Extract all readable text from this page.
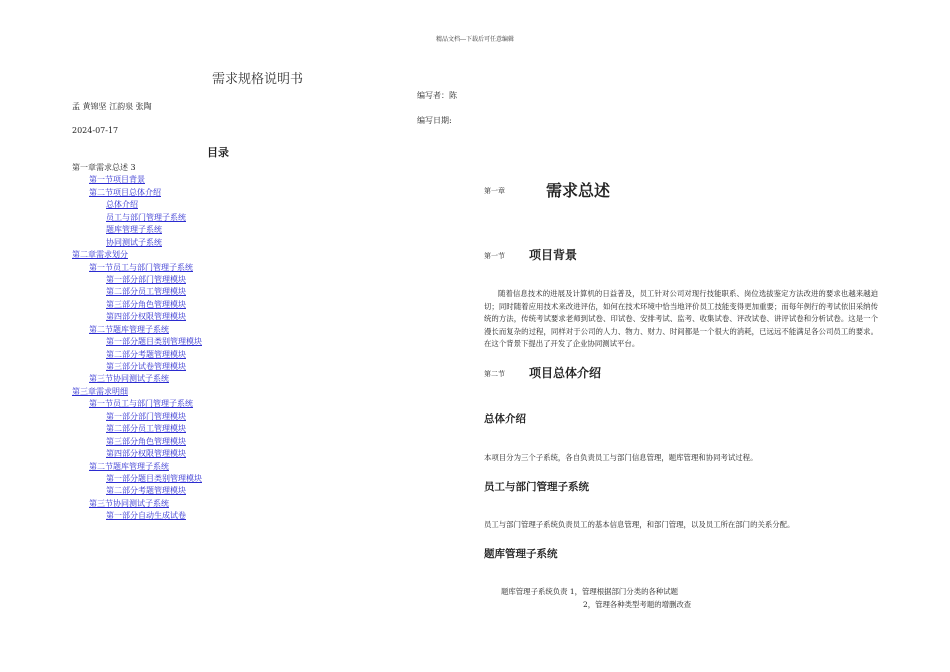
精品文档---下载后可任意编辑
需求规格说明书
孟 黄锦坚 江韵泉 张陶
2024-07-17
编写者：陈
编写日期:
目录
第一章需求总述 3
第一节项目背景
第二节项目总体介绍
总体介绍
员工与部门管理子系统
题库管理子系统
协同测试子系统
第二章需求划分
第一节员工与部门管理子系统
第一部分部门管理模块
第二部分员工管理模块
第三部分角色管理模块
第四部分权限管理模块
第二节题库管理子系统
第一部分题目类别管理模块
第二部分考题管理模块
第三部分试卷管理模块
第三节协同测试子系统
第三章需求明细
第一节员工与部门管理子系统
第一部分部门管理模块
第二部分员工管理模块
第三部分角色管理模块
第四部分权限管理模块
第二节题库管理子系统
第一部分题目类别管理模块
第二部分考题管理模块
第三节协同测试子系统
第一部分自动生成试卷
第一章	需求总述
第一节 项目背景
随着信息技术的进展及计算机的日益普及，员工针对公司对现行技能职系、岗位选拔鉴定方法改进的要求也越来越迫切；同时随着应用技术来改进评估，如何在技术环境中恰当地评价员工技能变得更加重要；而每年例行的考试依旧采纳传统的方法，传统考试要求老师到试卷、印试卷、安排考试、监考、收集试卷、评改试卷、讲评试卷和分析试卷。这是一个漫长而复杂的过程，同样对于公司的人力、物力、财力、时间都是一个很大的消耗，已远远不能满足各公司员工的要求。在这个背景下提出了开发了企业协同测试平台。
第二节 项目总体介绍
总体介绍
本项目分为三个子系统，各自负责员工与部门信息管理，题库管理和协同考试过程。
员工与部门管理子系统
员工与部门管理子系统负责员工的基本信息管理，和部门管理，以及员工所在部门的关系分配。
题库管理子系统
题库管理子系统负责 1，管理根据部门分类的各种试题
2，管理各种类型考题的增删改查
